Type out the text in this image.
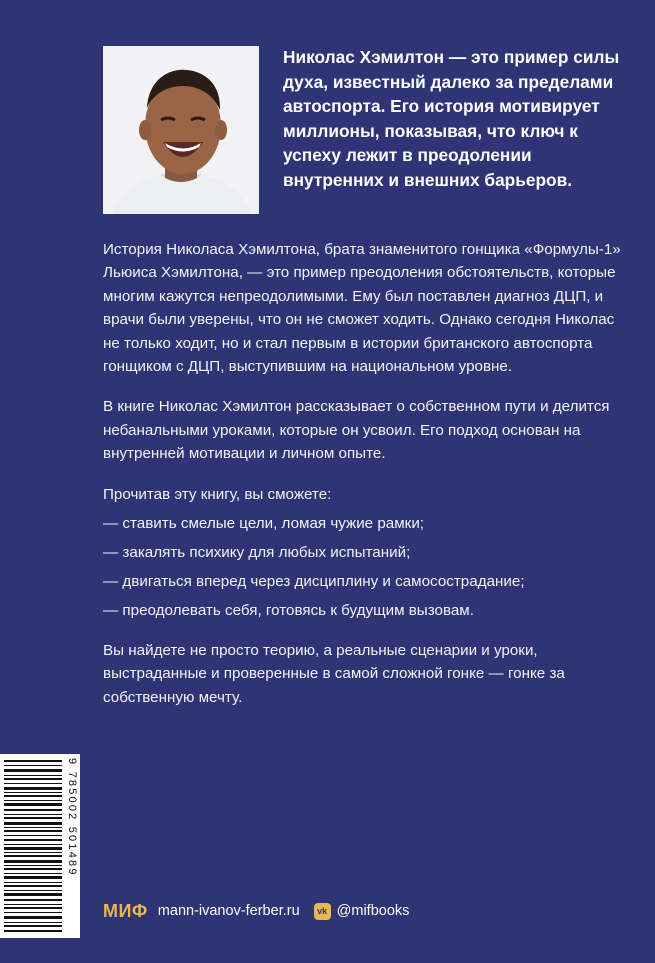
Николас Хэмилтон — это пример силы духа, известный далеко за пределами автоспорта. Его история мотивирует миллионы, показывая, что ключ к успеху лежит в преодолении внутренних и внешних барьеров.

История Николаса Хэмилтона, брата знаменитого гонщика «Формулы-1» Льюиса Хэмилтона, — это пример преодоления обстоятельств, которые многим кажутся непреодолимыми. Ему был поставлен диагноз ДЦП, и врачи были уверены, что он не сможет ходить. Однако сегодня Николас не только ходит, но и стал первым в истории британского автоспорта гонщиком с ДЦП, выступившим на национальном уровне.

В книге Николас Хэмилтон рассказывает о собственном пути и делится небанальными уроками, которые он усвоил. Его подход основан на внутренней мотивации и личном опыте.

Прочитав эту книгу, вы сможете:

— ставить смелые цели, ломая чужие рамки;
— закалять психику для любых испытаний;
— двигаться вперед через дисциплину и самосострадание;
— преодолевать себя, готовясь к будущим вызовам.

Вы найдете не просто теорию, а реальные сценарии и уроки, выстраданные и проверенные в самой сложной гонке — гонке за собственную мечту.

9 785002 501489
МИФ mann-ivanov-ferber.ru vk @mifbooks
